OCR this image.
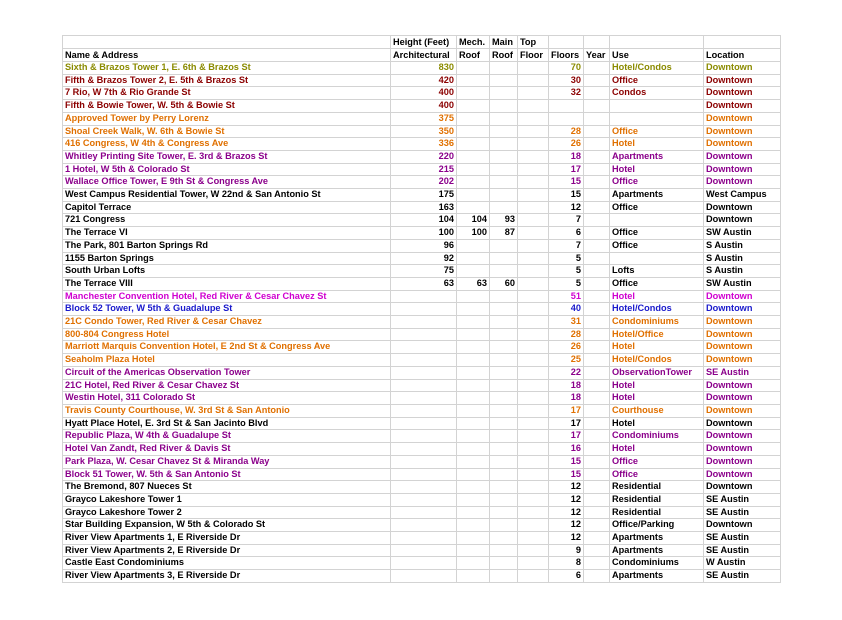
	Height (Feet)	Mech.	Main	Top				
Name & Address	Architectural	Roof	Roof	Floor	Floors	Year	Use	Location
Sixth & Brazos Tower 1, E. 6th & Brazos St	830				70		Hotel/Condos	Downtown
Fifth & Brazos Tower 2, E. 5th & Brazos St	420				30		Office	Downtown
7 Rio, W 7th & Rio Grande St	400				32		Condos	Downtown
Fifth & Bowie Tower, W. 5th & Bowie St	400							Downtown
Approved Tower by Perry Lorenz	375							Downtown
Shoal Creek Walk, W. 6th & Bowie St	350				28		Office	Downtown
416 Congress, W 4th & Congress Ave	336				26		Hotel	Downtown
Whitley Printing Site Tower, E. 3rd & Brazos St	220				18		Apartments	Downtown
1 Hotel, W 5th & Colorado St	215				17		Hotel	Downtown
Wallace Office Tower, E 9th St & Congress Ave	202				15		Office	Downtown
West Campus Residential Tower, W 22nd & San Antonio St	175				15		Apartments	West Campus
Capitol Terrace	163				12		Office	Downtown
721 Congress	104	104	93		7			Downtown
The Terrace VI	100	100	87		6		Office	SW Austin
The Park, 801 Barton Springs Rd	96				7		Office	S Austin
1155 Barton Springs	92				5			S Austin
South Urban Lofts	75				5		Lofts	S Austin
The Terrace VIII	63	63	60		5		Office	SW Austin
Manchester Convention Hotel, Red River & Cesar Chavez St					51		Hotel	Downtown
Block 52 Tower, W 5th & Guadalupe St					40		Hotel/Condos	Downtown
21C Condo Tower, Red River & Cesar Chavez					31		Condominiums	Downtown
800-804 Congress Hotel					28		Hotel/Office	Downtown
Marriott Marquis Convention Hotel, E 2nd St & Congress Ave					26		Hotel	Downtown
Seaholm Plaza Hotel					25		Hotel/Condos	Downtown
Circuit of the Americas Observation Tower					22		ObservationTower	SE Austin
21C Hotel, Red River & Cesar Chavez St					18		Hotel	Downtown
Westin Hotel, 311 Colorado St					18		Hotel	Downtown
Travis County Courthouse, W. 3rd St & San Antonio					17		Courthouse	Downtown
Hyatt Place Hotel, E. 3rd St & San Jacinto Blvd					17		Hotel	Downtown
Republic Plaza, W 4th & Guadalupe St					17		Condominiums	Downtown
Hotel Van Zandt, Red River & Davis St					16		Hotel	Downtown
Park Plaza, W. Cesar Chavez St & Miranda Way					15		Office	Downtown
Block 51 Tower, W. 5th & San Antonio St					15		Office	Downtown
The Bremond, 807 Nueces St					12		Residential	Downtown
Grayco Lakeshore Tower 1					12		Residential	SE Austin
Grayco Lakeshore Tower 2					12		Residential	SE Austin
Star Building Expansion, W 5th & Colorado St					12		Office/Parking	Downtown
River View Apartments 1, E Riverside Dr					12		Apartments	SE Austin
River View Apartments 2, E Riverside Dr					9		Apartments	SE Austin
Castle East Condominiums					8		Condominiums	W Austin
River View Apartments 3, E Riverside Dr					6		Apartments	SE Austin
